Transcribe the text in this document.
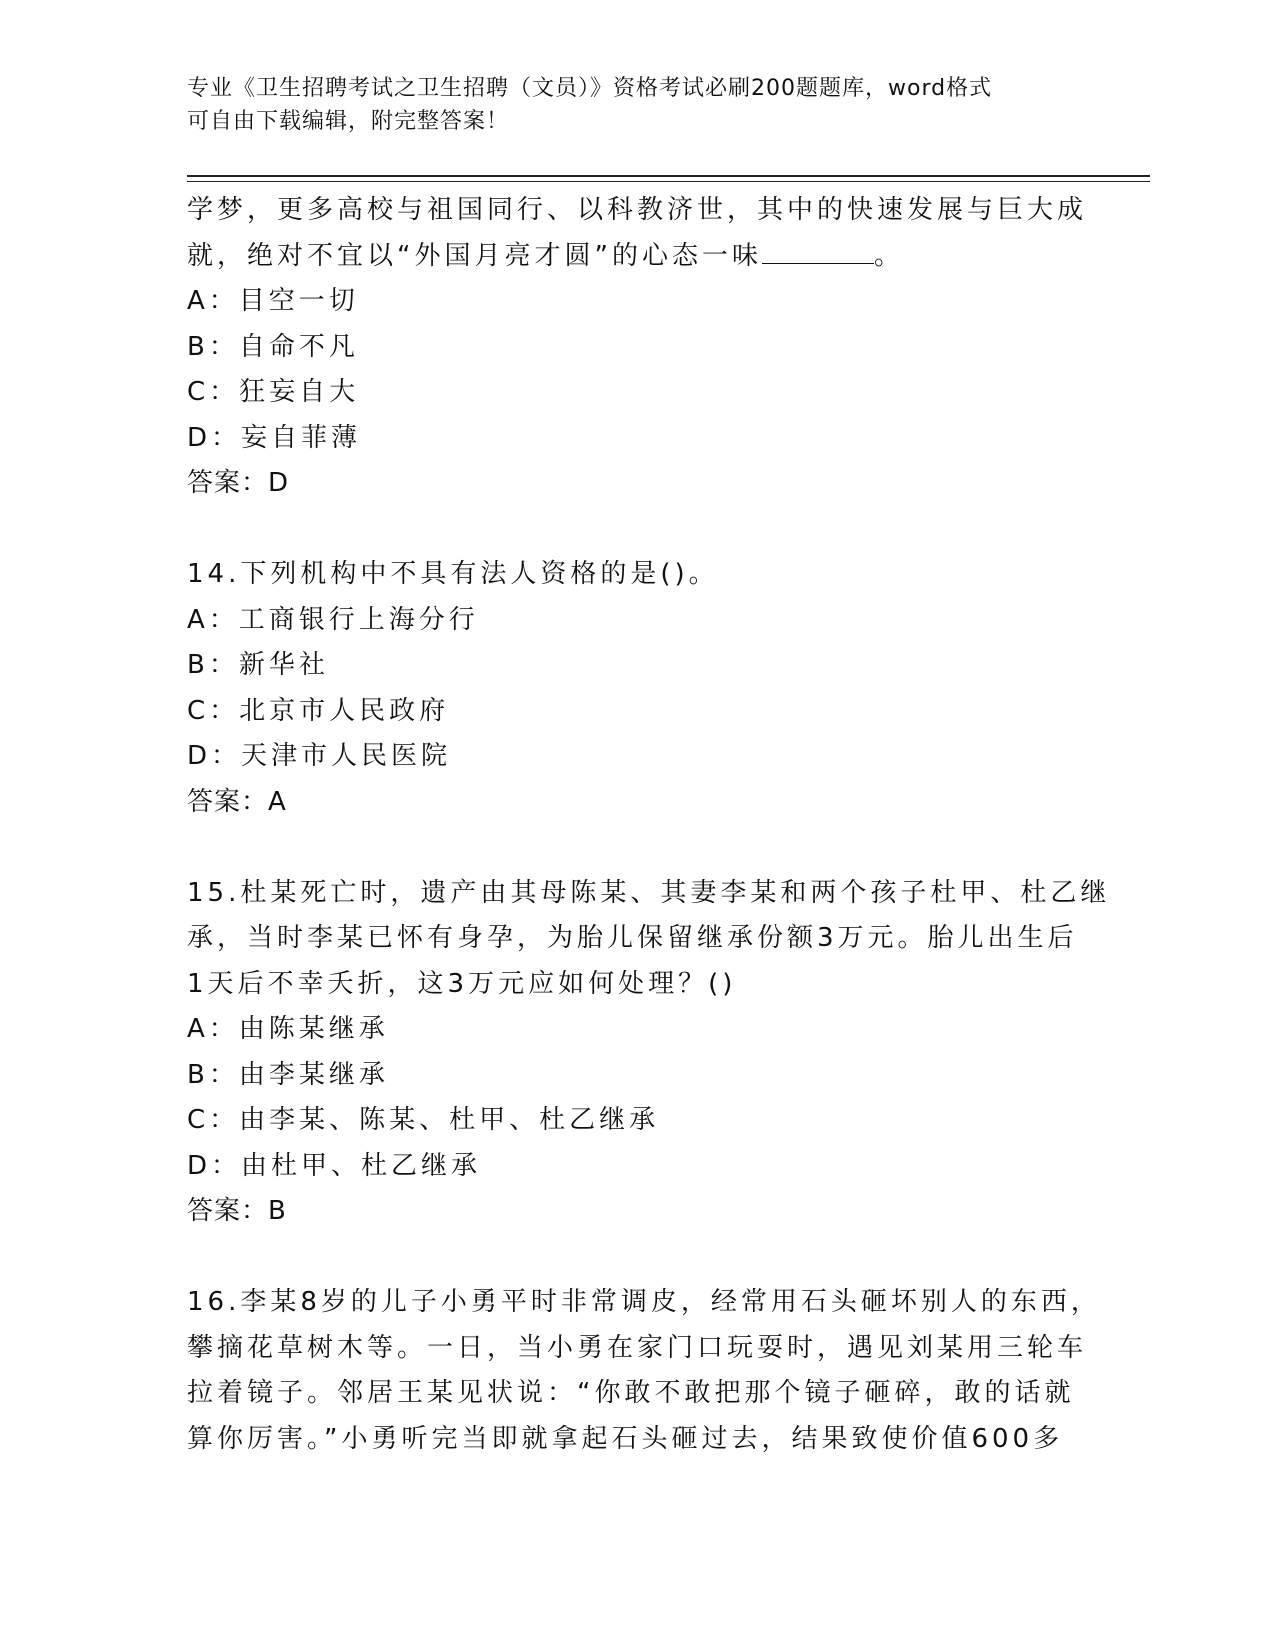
专业《卫生招聘考试之卫生招聘（文员）》资格考试必刷200题题库，word格式
可自由下载编辑，附完整答案！
学梦，更多高校与祖国同行、以科教济世，其中的快速发展与巨大成
就，绝对不宜以“外国月亮才圆”的心态一味	。
A：目空一切
B：自命不凡
C：狂妄自大
D：妄自菲薄
答案：D
14.下列机构中不具有法人资格的是()。
A：工商银行上海分行
B：新华社
C：北京市人民政府
D：天津市人民医院
答案：A
15.杜某死亡时，遗产由其母陈某、其妻李某和两个孩子杜甲、杜乙继
承，当时李某已怀有身孕，为胎儿保留继承份额3万元。胎儿出生后
1天后不幸夭折，这3万元应如何处理？()
A：由陈某继承
B：由李某继承
C：由李某、陈某、杜甲、杜乙继承
D：由杜甲、杜乙继承
答案：B
16.李某8岁的儿子小勇平时非常调皮，经常用石头砸坏别人的东西，
攀摘花草树木等。一日，当小勇在家门口玩耍时，遇见刘某用三轮车
拉着镜子。邻居王某见状说：“你敢不敢把那个镜子砸碎，敢的话就
算你厉害。”小勇听完当即就拿起石头砸过去，结果致使价值600多
